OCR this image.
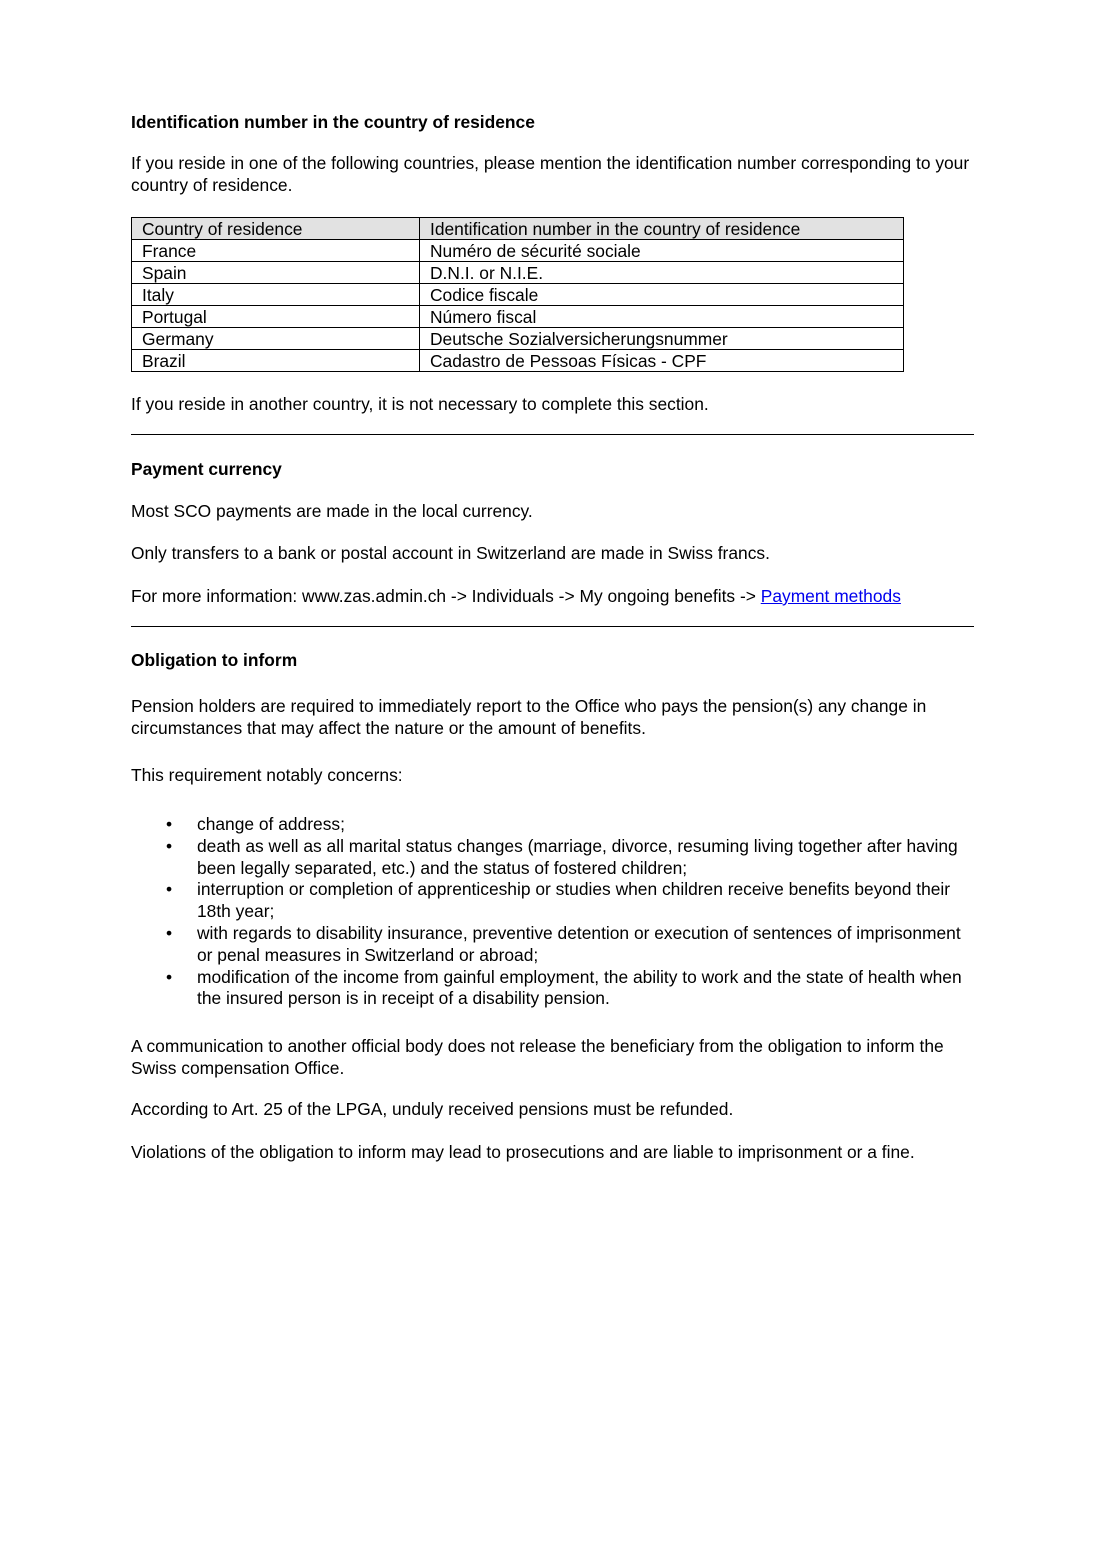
Identification number in the country of residence

If you reside in one of the following countries, please mention the identification number corresponding to your country of residence.

Country of residence	Identification number in the country of residence
France	Numéro de sécurité sociale
Spain	D.N.I. or N.I.E.
Italy	Codice fiscale
Portugal	Número fiscal
Germany	Deutsche Sozialversicherungsnummer
Brazil	Cadastro de Pessoas Físicas - CPF

If you reside in another country, it is not necessary to complete this section.

Payment currency

Most SCO payments are made in the local currency.

Only transfers to a bank or postal account in Switzerland are made in Swiss francs.

For more information: www.zas.admin.ch -> Individuals -> My ongoing benefits -> Payment methods

Obligation to inform

Pension holders are required to immediately report to the Office who pays the pension(s) any change in circumstances that may affect the nature or the amount of benefits.

This requirement notably concerns:

• change of address;
• death as well as all marital status changes (marriage, divorce, resuming living together after having been legally separated, etc.) and the status of fostered children;
• interruption or completion of apprenticeship or studies when children receive benefits beyond their 18th year;
• with regards to disability insurance, preventive detention or execution of sentences of imprisonment or penal measures in Switzerland or abroad;
• modification of the income from gainful employment, the ability to work and the state of health when the insured person is in receipt of a disability pension.

A communication to another official body does not release the beneficiary from the obligation to inform the Swiss compensation Office.

According to Art. 25 of the LPGA, unduly received pensions must be refunded.

Violations of the obligation to inform may lead to prosecutions and are liable to imprisonment or a fine.
